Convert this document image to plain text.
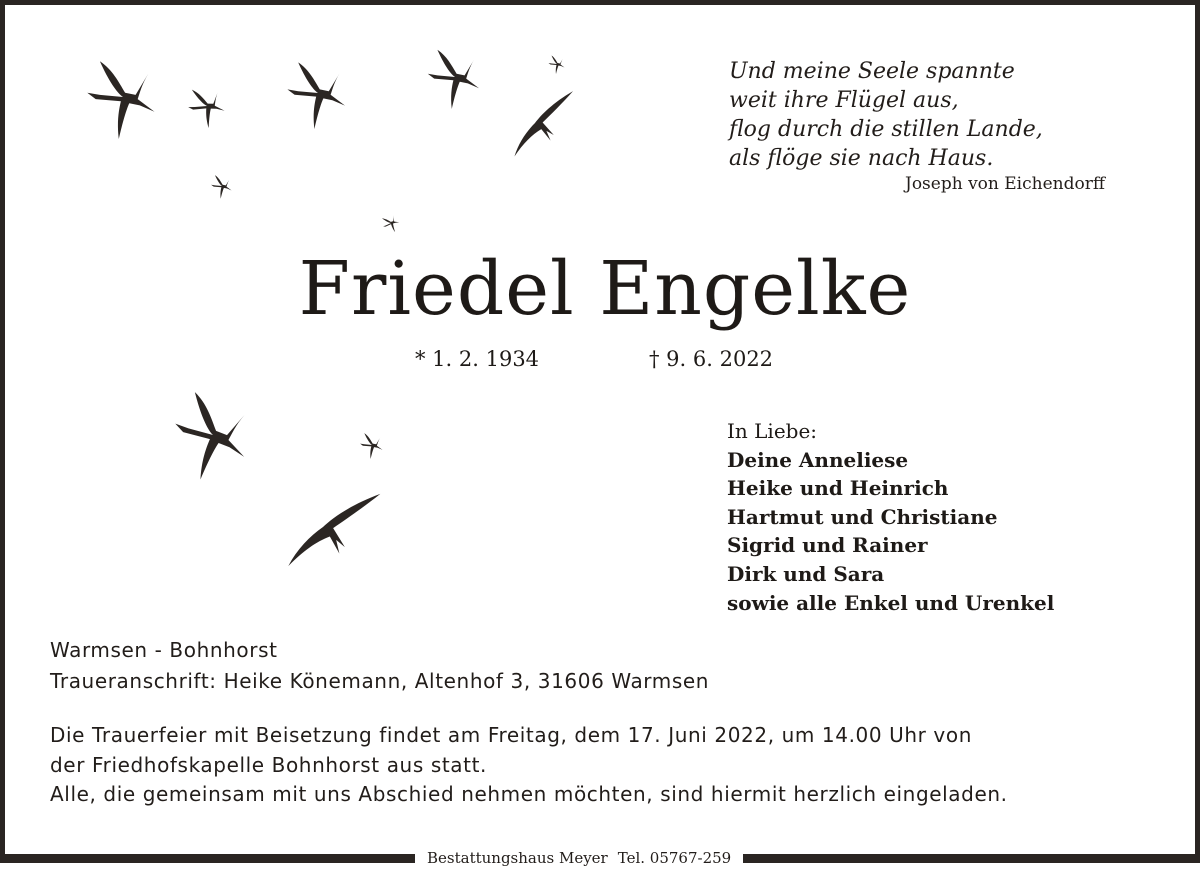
Und meine Seele spannte
weit ihre Flügel aus,
flog durch die stillen Lande,
als flöge sie nach Haus.
Joseph von Eichendorff
Friedel Engelke
* 1. 2. 1934	† 9. 6. 2022
In Liebe:
Deine Anneliese
Heike und Heinrich
Hartmut und Christiane
Sigrid und Rainer
Dirk und Sara
sowie alle Enkel und Urenkel
Warmsen - Bohnhorst
Traueranschrift: Heike Könemann, Altenhof 3, 31606 Warmsen
Die Trauerfeier mit Beisetzung findet am Freitag, dem 17. Juni 2022, um 14.00 Uhr von
der Friedhofskapelle Bohnhorst aus statt.
Alle, die gemeinsam mit uns Abschied nehmen möchten, sind hiermit herzlich eingeladen.
Bestattungshaus Meyer Tel. 05767-259
